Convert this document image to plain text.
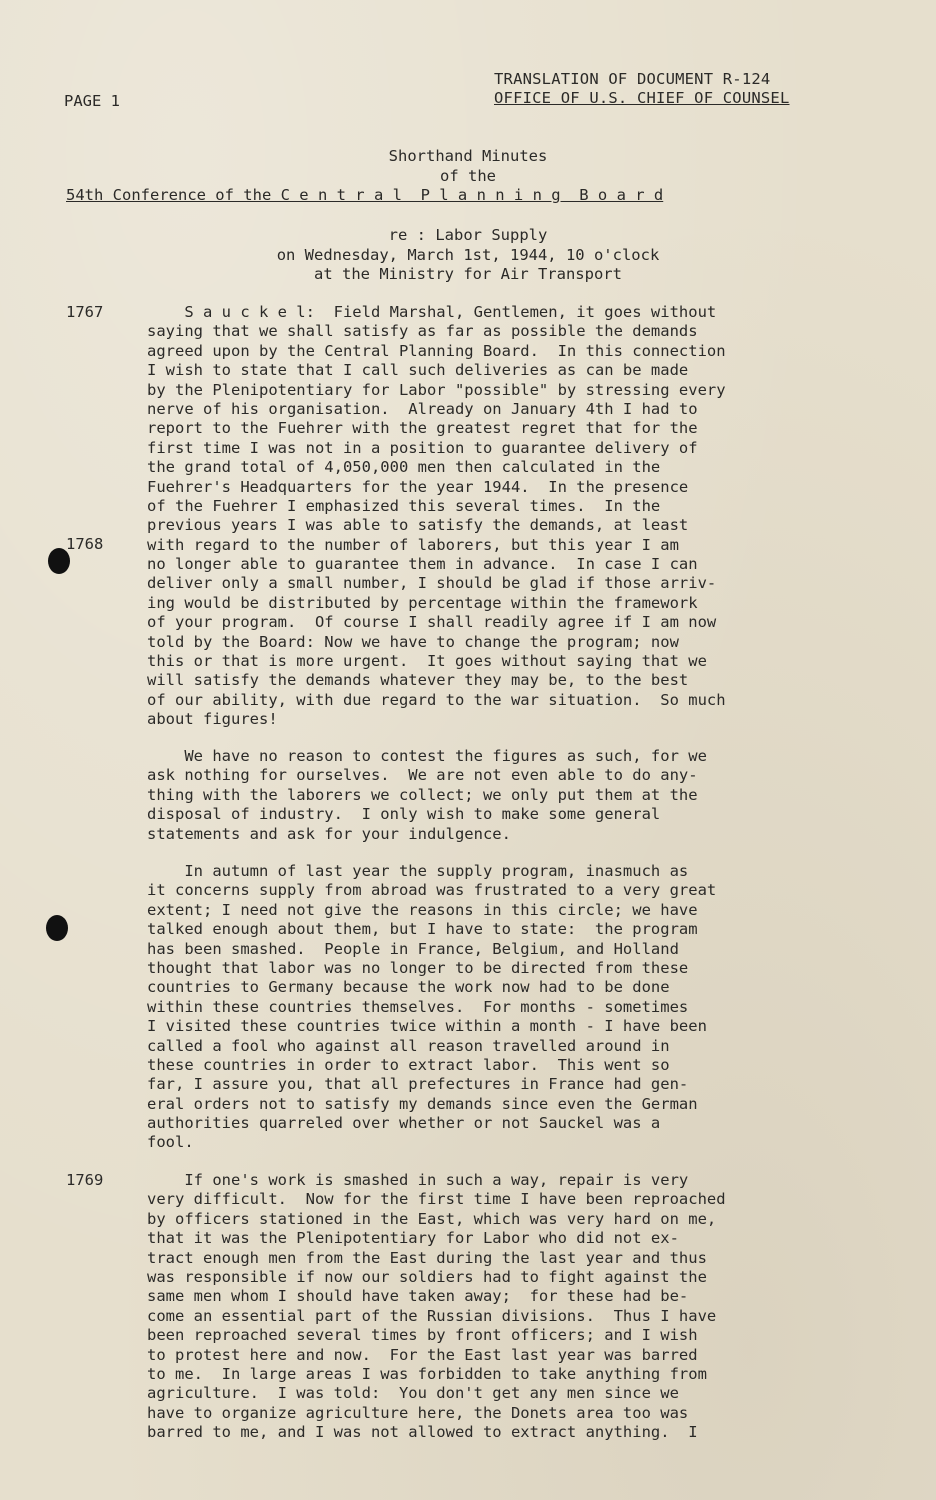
TRANSLATION OF DOCUMENT R-124
OFFICE OF U.S. CHIEF OF COUNSEL
PAGE 1
Shorthand Minutes
of the
54th Conference of the C e n t r a l  P l a n n i n g  B o a r d
re : Labor Supply
on Wednesday, March 1st, 1944, 10 o'clock
at the Ministry for Air Transport
1767
1768
1769
S a u c k e l:  Field Marshal, Gentlemen, it goes without
saying that we shall satisfy as far as possible the demands
agreed upon by the Central Planning Board.  In this connection
I wish to state that I call such deliveries as can be made
by the Plenipotentiary for Labor "possible" by stressing every
nerve of his organisation.  Already on January 4th I had to
report to the Fuehrer with the greatest regret that for the
first time I was not in a position to guarantee delivery of
the grand total of 4,050,000 men then calculated in the
Fuehrer's Headquarters for the year 1944.  In the presence
of the Fuehrer I emphasized this several times.  In the
previous years I was able to satisfy the demands, at least
with regard to the number of laborers, but this year I am
no longer able to guarantee them in advance.  In case I can
deliver only a small number, I should be glad if those arriv-
ing would be distributed by percentage within the framework
of your program.  Of course I shall readily agree if I am now
told by the Board: Now we have to change the program; now
this or that is more urgent.  It goes without saying that we
will satisfy the demands whatever they may be, to the best
of our ability, with due regard to the war situation.  So much
about figures!
We have no reason to contest the figures as such, for we
ask nothing for ourselves.  We are not even able to do any-
thing with the laborers we collect; we only put them at the
disposal of industry.  I only wish to make some general
statements and ask for your indulgence.
In autumn of last year the supply program, inasmuch as
it concerns supply from abroad was frustrated to a very great
extent; I need not give the reasons in this circle; we have
talked enough about them, but I have to state:  the program
has been smashed.  People in France, Belgium, and Holland
thought that labor was no longer to be directed from these
countries to Germany because the work now had to be done
within these countries themselves.  For months - sometimes
I visited these countries twice within a month - I have been
called a fool who against all reason travelled around in
these countries in order to extract labor.  This went so
far, I assure you, that all prefectures in France had gen-
eral orders not to satisfy my demands since even the German
authorities quarreled over whether or not Sauckel was a
fool.
If one's work is smashed in such a way, repair is very
very difficult.  Now for the first time I have been reproached
by officers stationed in the East, which was very hard on me,
that it was the Plenipotentiary for Labor who did not ex-
tract enough men from the East during the last year and thus
was responsible if now our soldiers had to fight against the
same men whom I should have taken away;  for these had be-
come an essential part of the Russian divisions.  Thus I have
been reproached several times by front officers; and I wish
to protest here and now.  For the East last year was barred
to me.  In large areas I was forbidden to take anything from
agriculture.  I was told:  You don't get any men since we
have to organize agriculture here, the Donets area too was
barred to me, and I was not allowed to extract anything.  I
